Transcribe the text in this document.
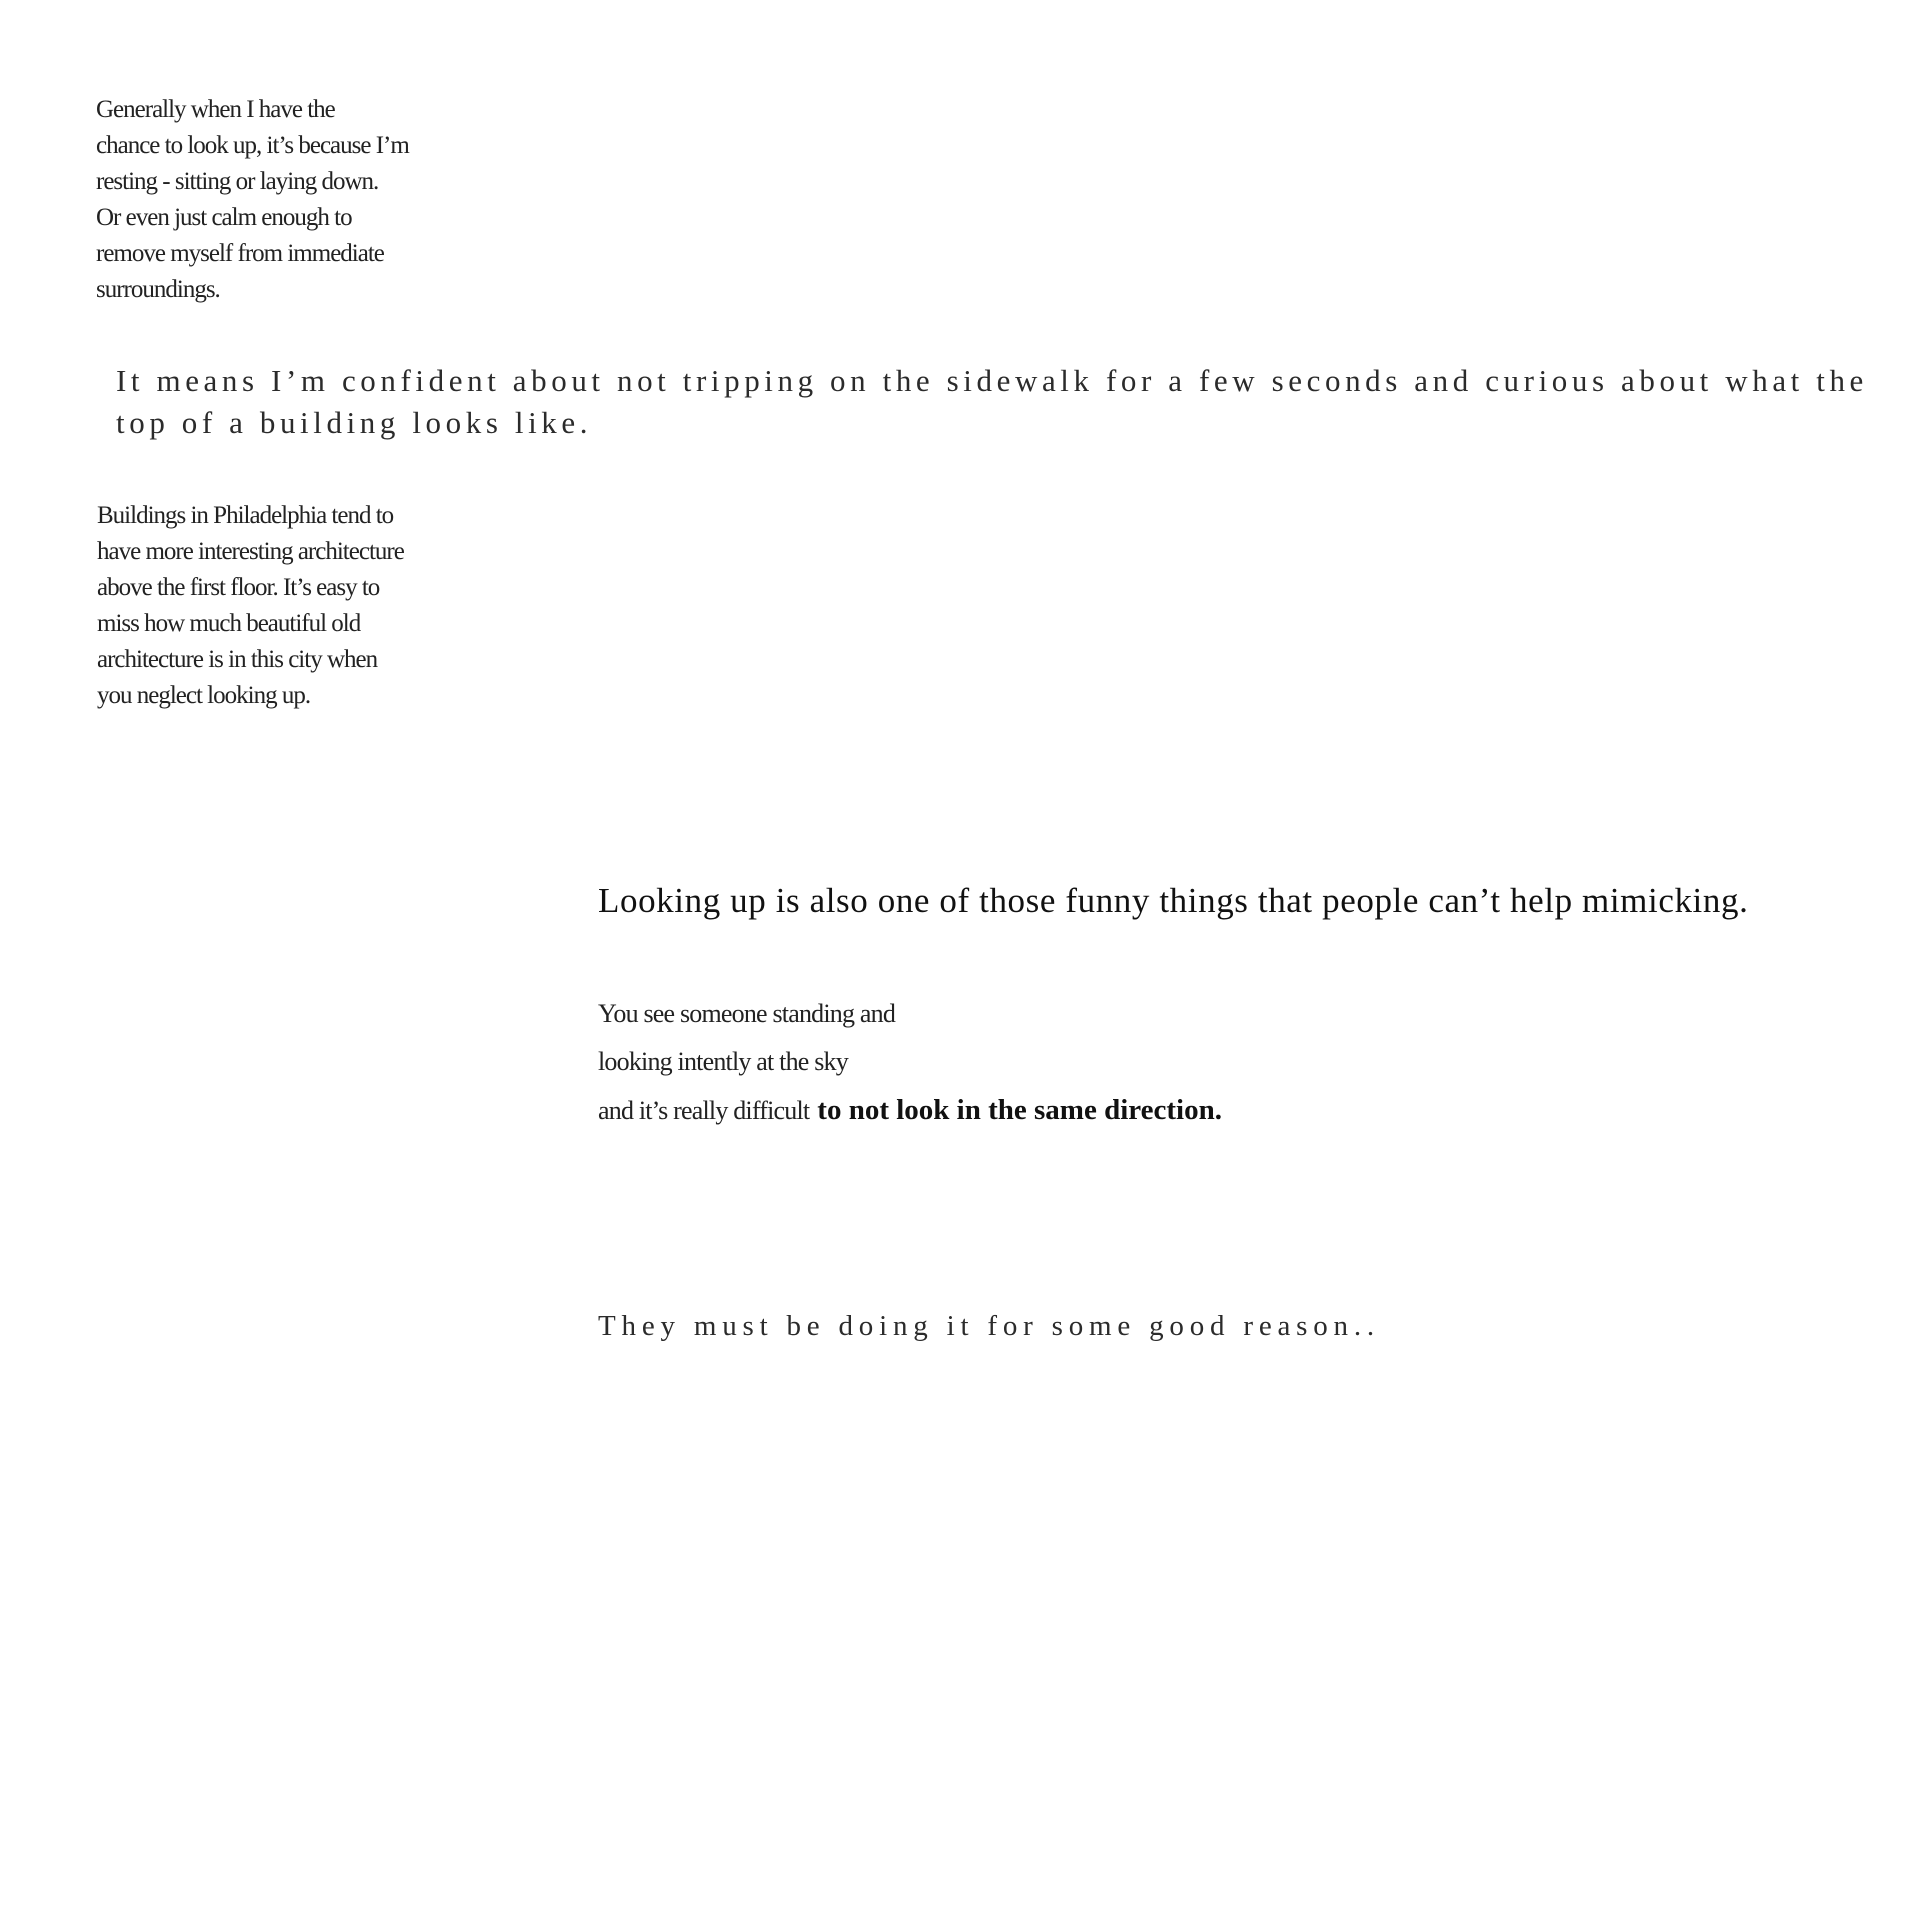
Generally when I have the
chance to look up, it’s because I’m
resting - sitting or laying down.
Or even just calm enough to
remove myself from immediate
surroundings.

It means I’m confident about not tripping on the sidewalk for a few seconds and curious about what the
top of a building looks like.

Buildings in Philadelphia tend to
have more interesting architecture
above the first floor. It’s easy to
miss how much beautiful old
architecture is in this city when
you neglect looking up.

Looking up is also one of those funny things that people can’t help mimicking.

You see someone standing and
looking intently at the sky
and it’s really difficult to not look in the same direction.

They must be doing it for some good reason..
